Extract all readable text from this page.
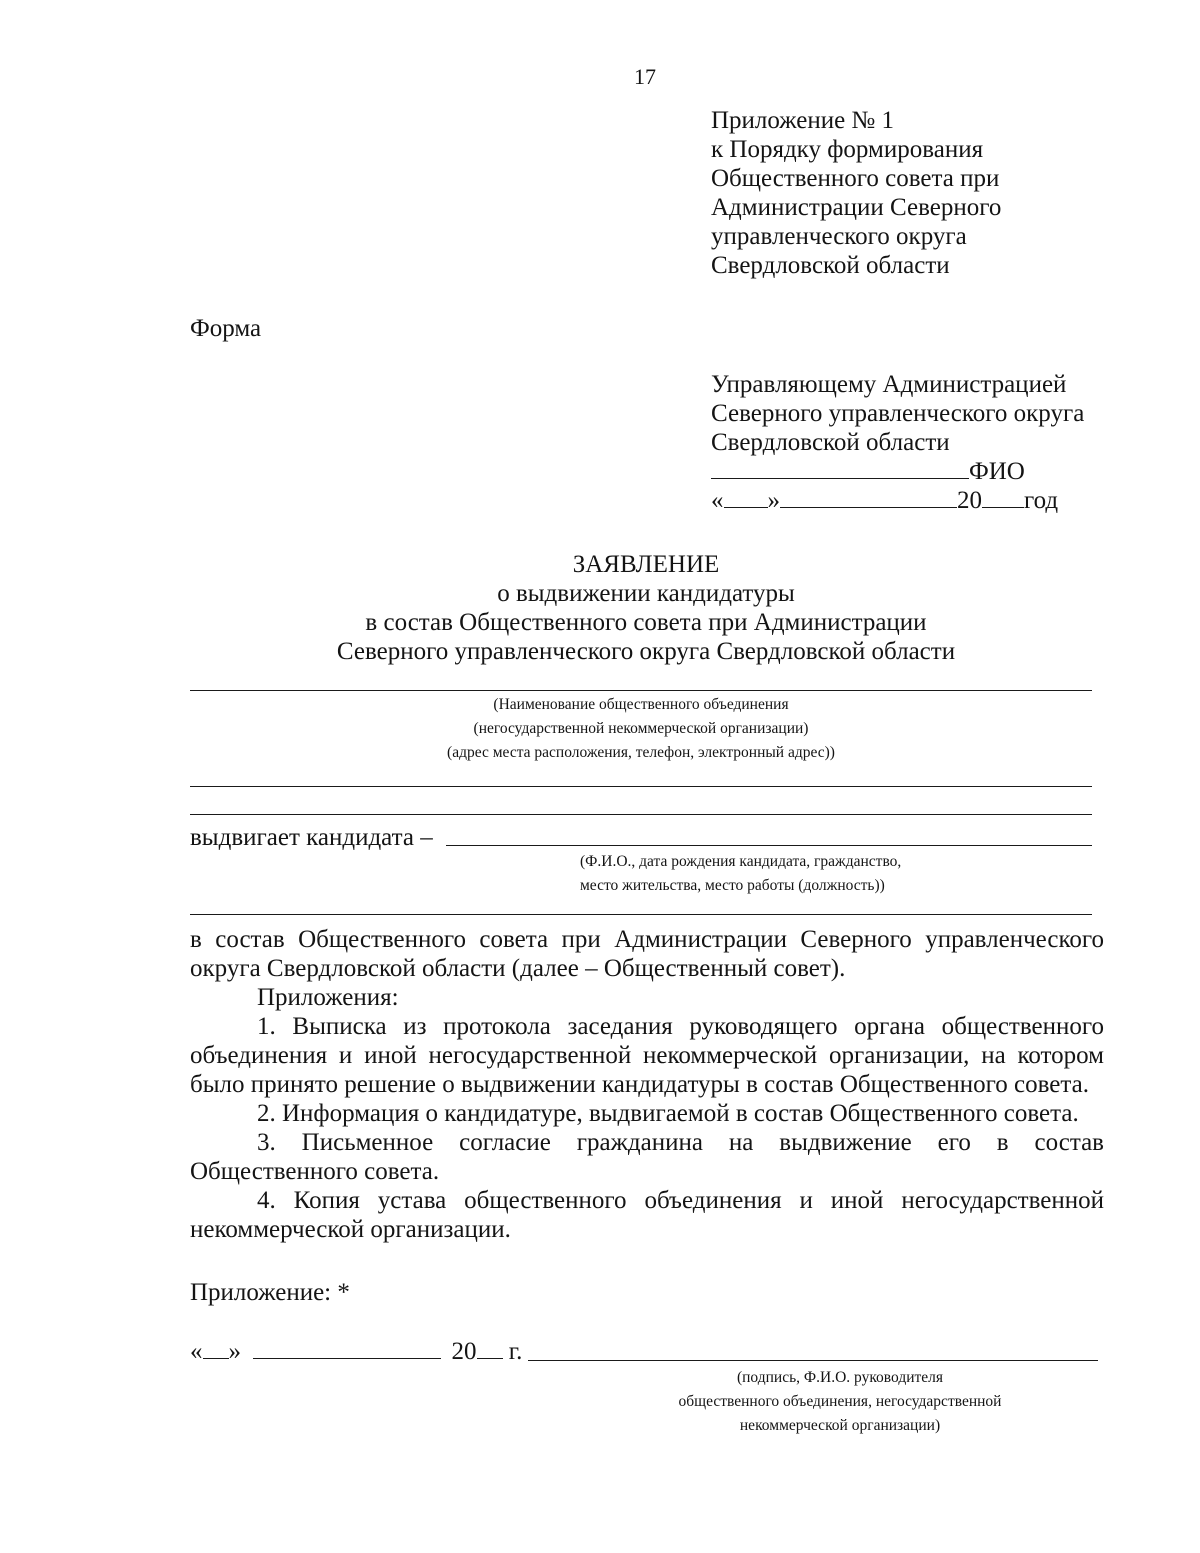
17
Приложение № 1
к Порядку формирования
Общественного совета при
Администрации Северного
управленческого округа
Свердловской области
Форма
Управляющему Администрацией
Северного управленческого округа
Свердловской области
ФИО
« »	20 год
ЗАЯВЛЕНИЕ
о выдвижении кандидатуры
в состав Общественного совета при Администрации
Северного управленческого округа Свердловской области
(Наименование общественного объединения
(негосударственной некоммерческой организации)
(адрес места расположения, телефон, электронный адрес))
выдвигает кандидата –
(Ф.И.О., дата рождения кандидата, гражданство,
место жительства, место работы (должность))
в состав Общественного совета при Администрации Северного управленческого округа Свердловской области (далее – Общественный совет).
Приложения:
1. Выписка из протокола заседания руководящего органа общественного объединения и иной негосударственной некоммерческой организации, на котором было принято решение о выдвижении кандидатуры в состав Общественного совета.
2. Информация о кандидатуре, выдвигаемой в состав Общественного совета.
3. Письменное согласие гражданина на выдвижение его в состав Общественного совета.
4. Копия устава общественного объединения и иной негосударственной некоммерческой организации.
Приложение: *
« »	20 г.
(подпись, Ф.И.О. руководителя
общественного объединения, негосударственной
некоммерческой организации)
